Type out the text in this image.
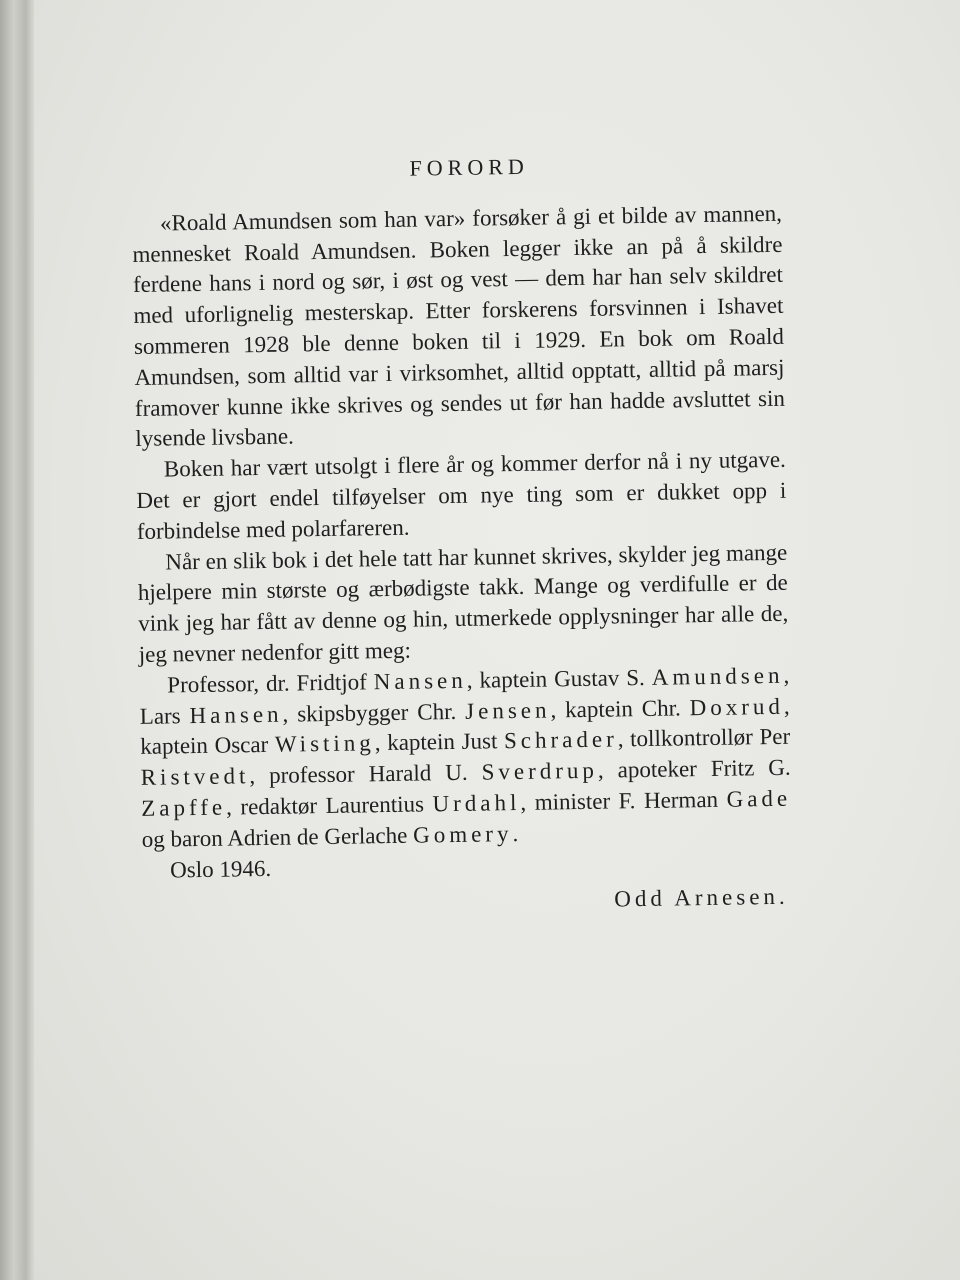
FORORD

«Roald Amundsen som han var» forsøker å gi et bilde av mannen, mennesket Roald Amundsen. Boken legger ikke an på å skildre ferdene hans i nord og sør, i øst og vest — dem har han selv skildret med uforlignelig mesterskap. Etter forskerens forsvinnen i Ishavet sommeren 1928 ble denne boken til i 1929. En bok om Roald Amundsen, som alltid var i virksomhet, alltid opptatt, alltid på marsj framover kunne ikke skrives og sendes ut før han hadde avsluttet sin lysende livsbane.

Boken har vært utsolgt i flere år og kommer derfor nå i ny utgave. Det er gjort endel tilføyelser om nye ting som er dukket opp i forbindelse med polarfareren.

Når en slik bok i det hele tatt har kunnet skrives, skylder jeg mange hjelpere min største og ærbødigste takk. Mange og verdifulle er de vink jeg har fått av denne og hin, utmerkede opplysninger har alle de, jeg nevner nedenfor gitt meg:

Professor, dr. Fridtjof Nansen, kaptein Gustav S. Amundsen, Lars Hansen, skipsbygger Chr. Jensen, kaptein Chr. Doxrud, kaptein Oscar Wisting, kaptein Just Schrader, tollkontrollør Per Ristvedt, professor Harald U. Sverdrup, apoteker Fritz G. Zapffe, redaktør Laurentius Urdahl, minister F. Herman Gade og baron Adrien de Gerlache Gomery.

Oslo 1946.

Odd Arnesen.
